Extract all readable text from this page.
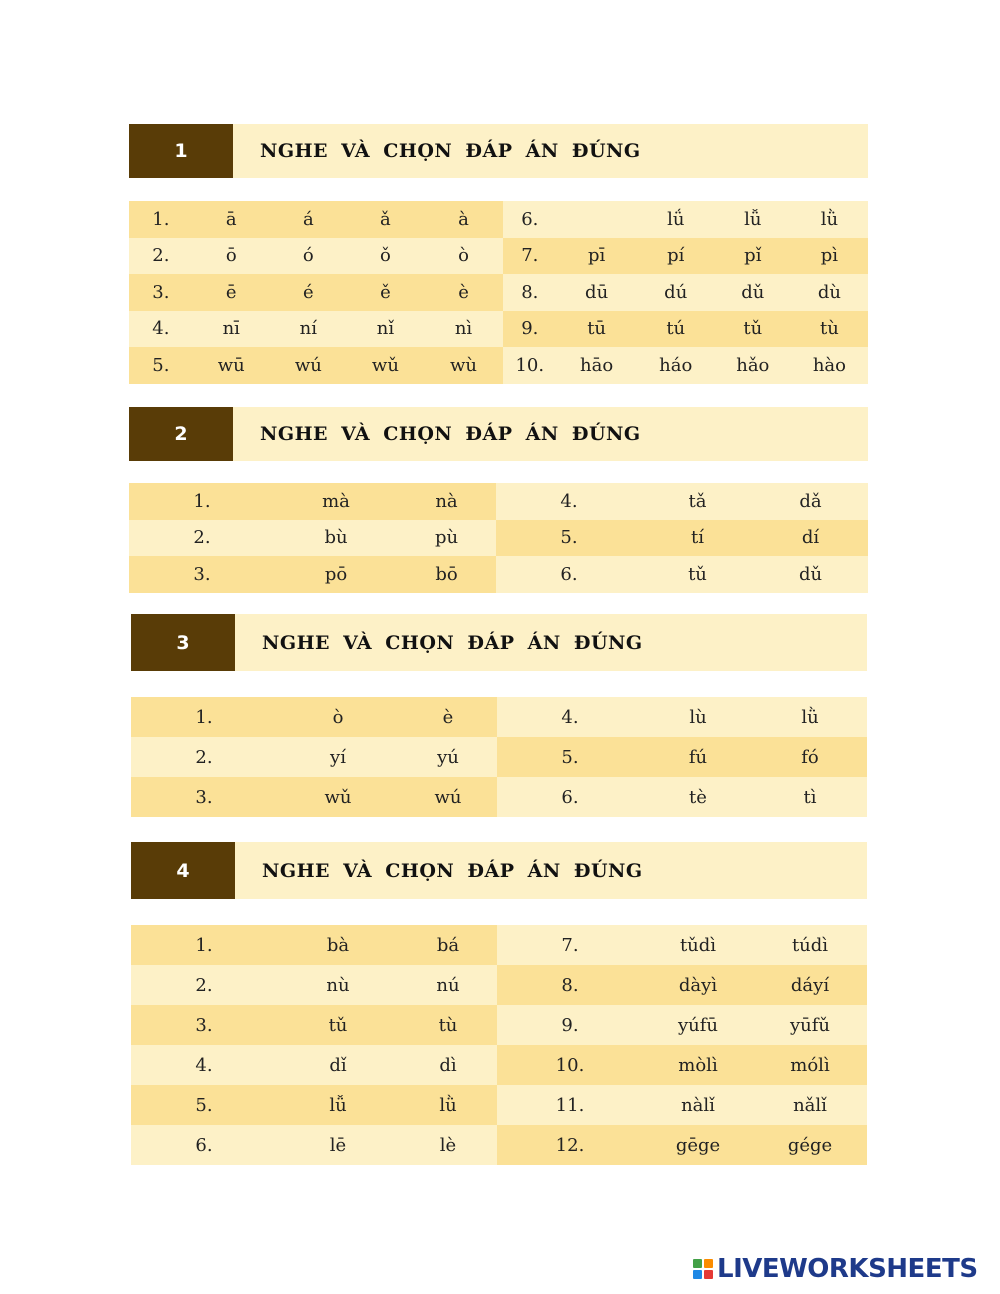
1	NGHE VÀ CHỌN ĐÁP ÁN ĐÚNG
1.	ā	á	ǎ	à	6.		lǘ	lǚ	lǜ
2.	ō	ó	ǒ	ò	7.	pī	pí	pǐ	pì
3.	ē	é	ě	è	8.	dū	dú	dǔ	dù
4.	nī	ní	nǐ	nì	9.	tū	tú	tǔ	tù
5.	wū	wú	wǔ	wù	10.	hāo	háo	hǎo	hào
2	NGHE VÀ CHỌN ĐÁP ÁN ĐÚNG
1.	mà	nà	4.	tǎ	dǎ
2.	bù	pù	5.	tí	dí
3.	pō	bō	6.	tǔ	dǔ
3	NGHE VÀ CHỌN ĐÁP ÁN ĐÚNG
1.	ò	è	4.	lù	lǜ
2.	yí	yú	5.	fú	fó
3.	wǔ	wú	6.	tè	tì
4	NGHE VÀ CHỌN ĐÁP ÁN ĐÚNG
1.	bà	bá	7.	tǔdì	túdì
2.	nù	nú	8.	dàyì	dáyí
3.	tǔ	tù	9.	yúfū	yūfǔ
4.	dǐ	dì	10.	mòlì	mólì
5.	lǚ	lǜ	11.	nàlǐ	nǎlǐ
6.	lē	lè	12.	gēge	gége
LIVEWORKSHEETS
